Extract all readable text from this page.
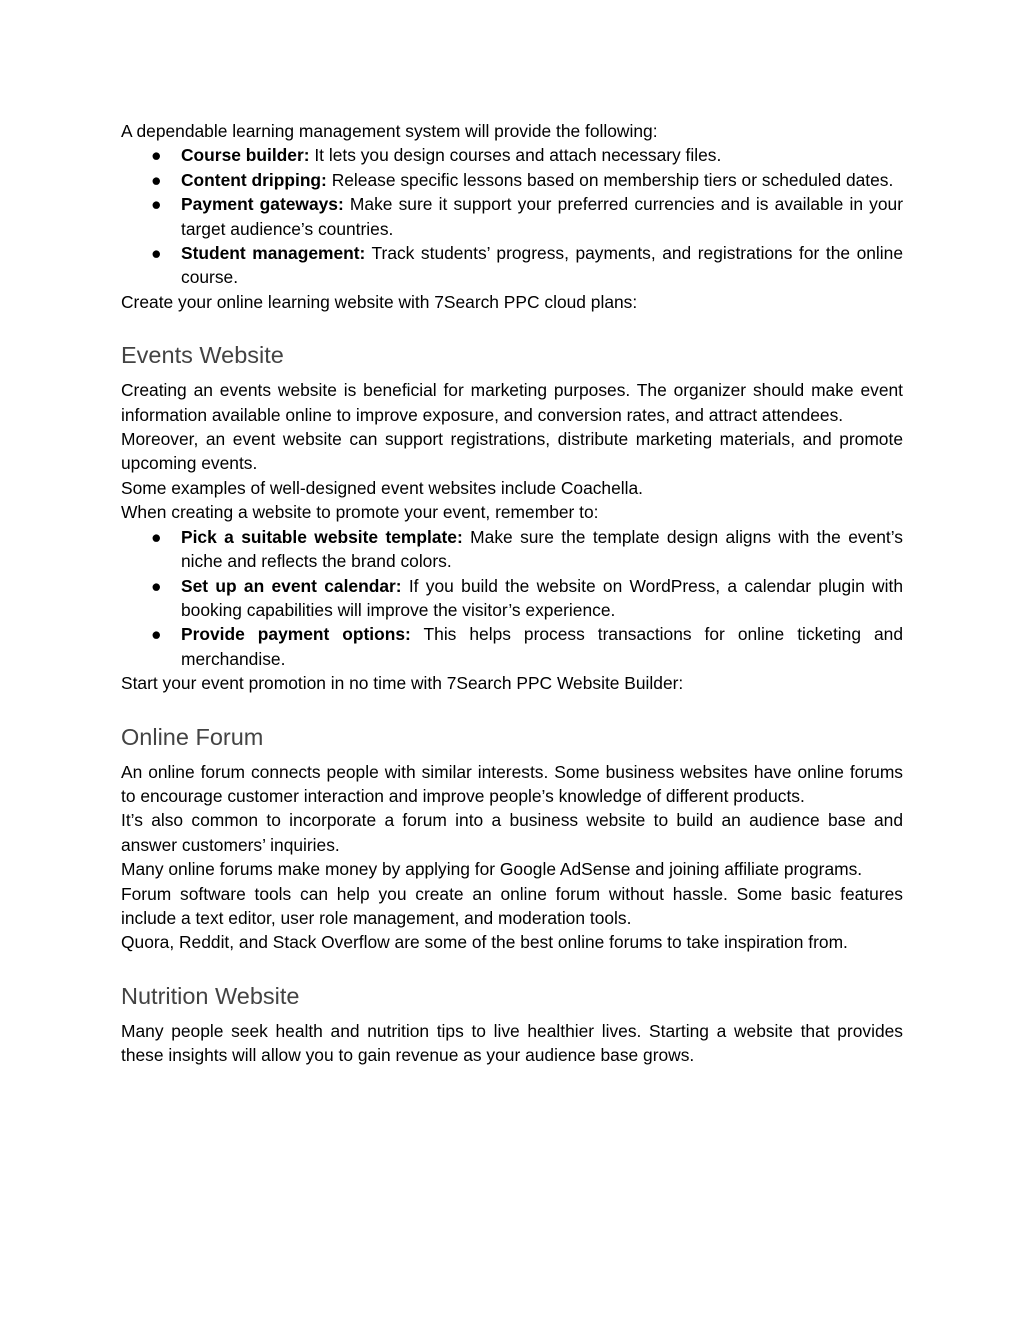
A dependable learning management system will provide the following:

● Course builder: It lets you design courses and attach necessary files.
● Content dripping: Release specific lessons based on membership tiers or scheduled dates.
● Payment gateways: Make sure it support your preferred currencies and is available in your target audience’s countries.
● Student management: Track students’ progress, payments, and registrations for the online course.

Create your online learning website with 7Search PPC cloud plans:

Events Website

Creating an events website is beneficial for marketing purposes. The organizer should make event information available online to improve exposure, and conversion rates, and attract attendees.

Moreover, an event website can support registrations, distribute marketing materials, and promote upcoming events.

Some examples of well-designed event websites include Coachella.

When creating a website to promote your event, remember to:

● Pick a suitable website template: Make sure the template design aligns with the event’s niche and reflects the brand colors.
● Set up an event calendar: If you build the website on WordPress, a calendar plugin with booking capabilities will improve the visitor’s experience.
● Provide payment options: This helps process transactions for online ticketing and merchandise.

Start your event promotion in no time with 7Search PPC Website Builder:

Online Forum

An online forum connects people with similar interests. Some business websites have online forums to encourage customer interaction and improve people’s knowledge of different products.

It’s also common to incorporate a forum into a business website to build an audience base and answer customers’ inquiries.

Many online forums make money by applying for Google AdSense and joining affiliate programs.

Forum software tools can help you create an online forum without hassle. Some basic features include a text editor, user role management, and moderation tools.

Quora, Reddit, and Stack Overflow are some of the best online forums to take inspiration from.

Nutrition Website

Many people seek health and nutrition tips to live healthier lives. Starting a website that provides these insights will allow you to gain revenue as your audience base grows.
